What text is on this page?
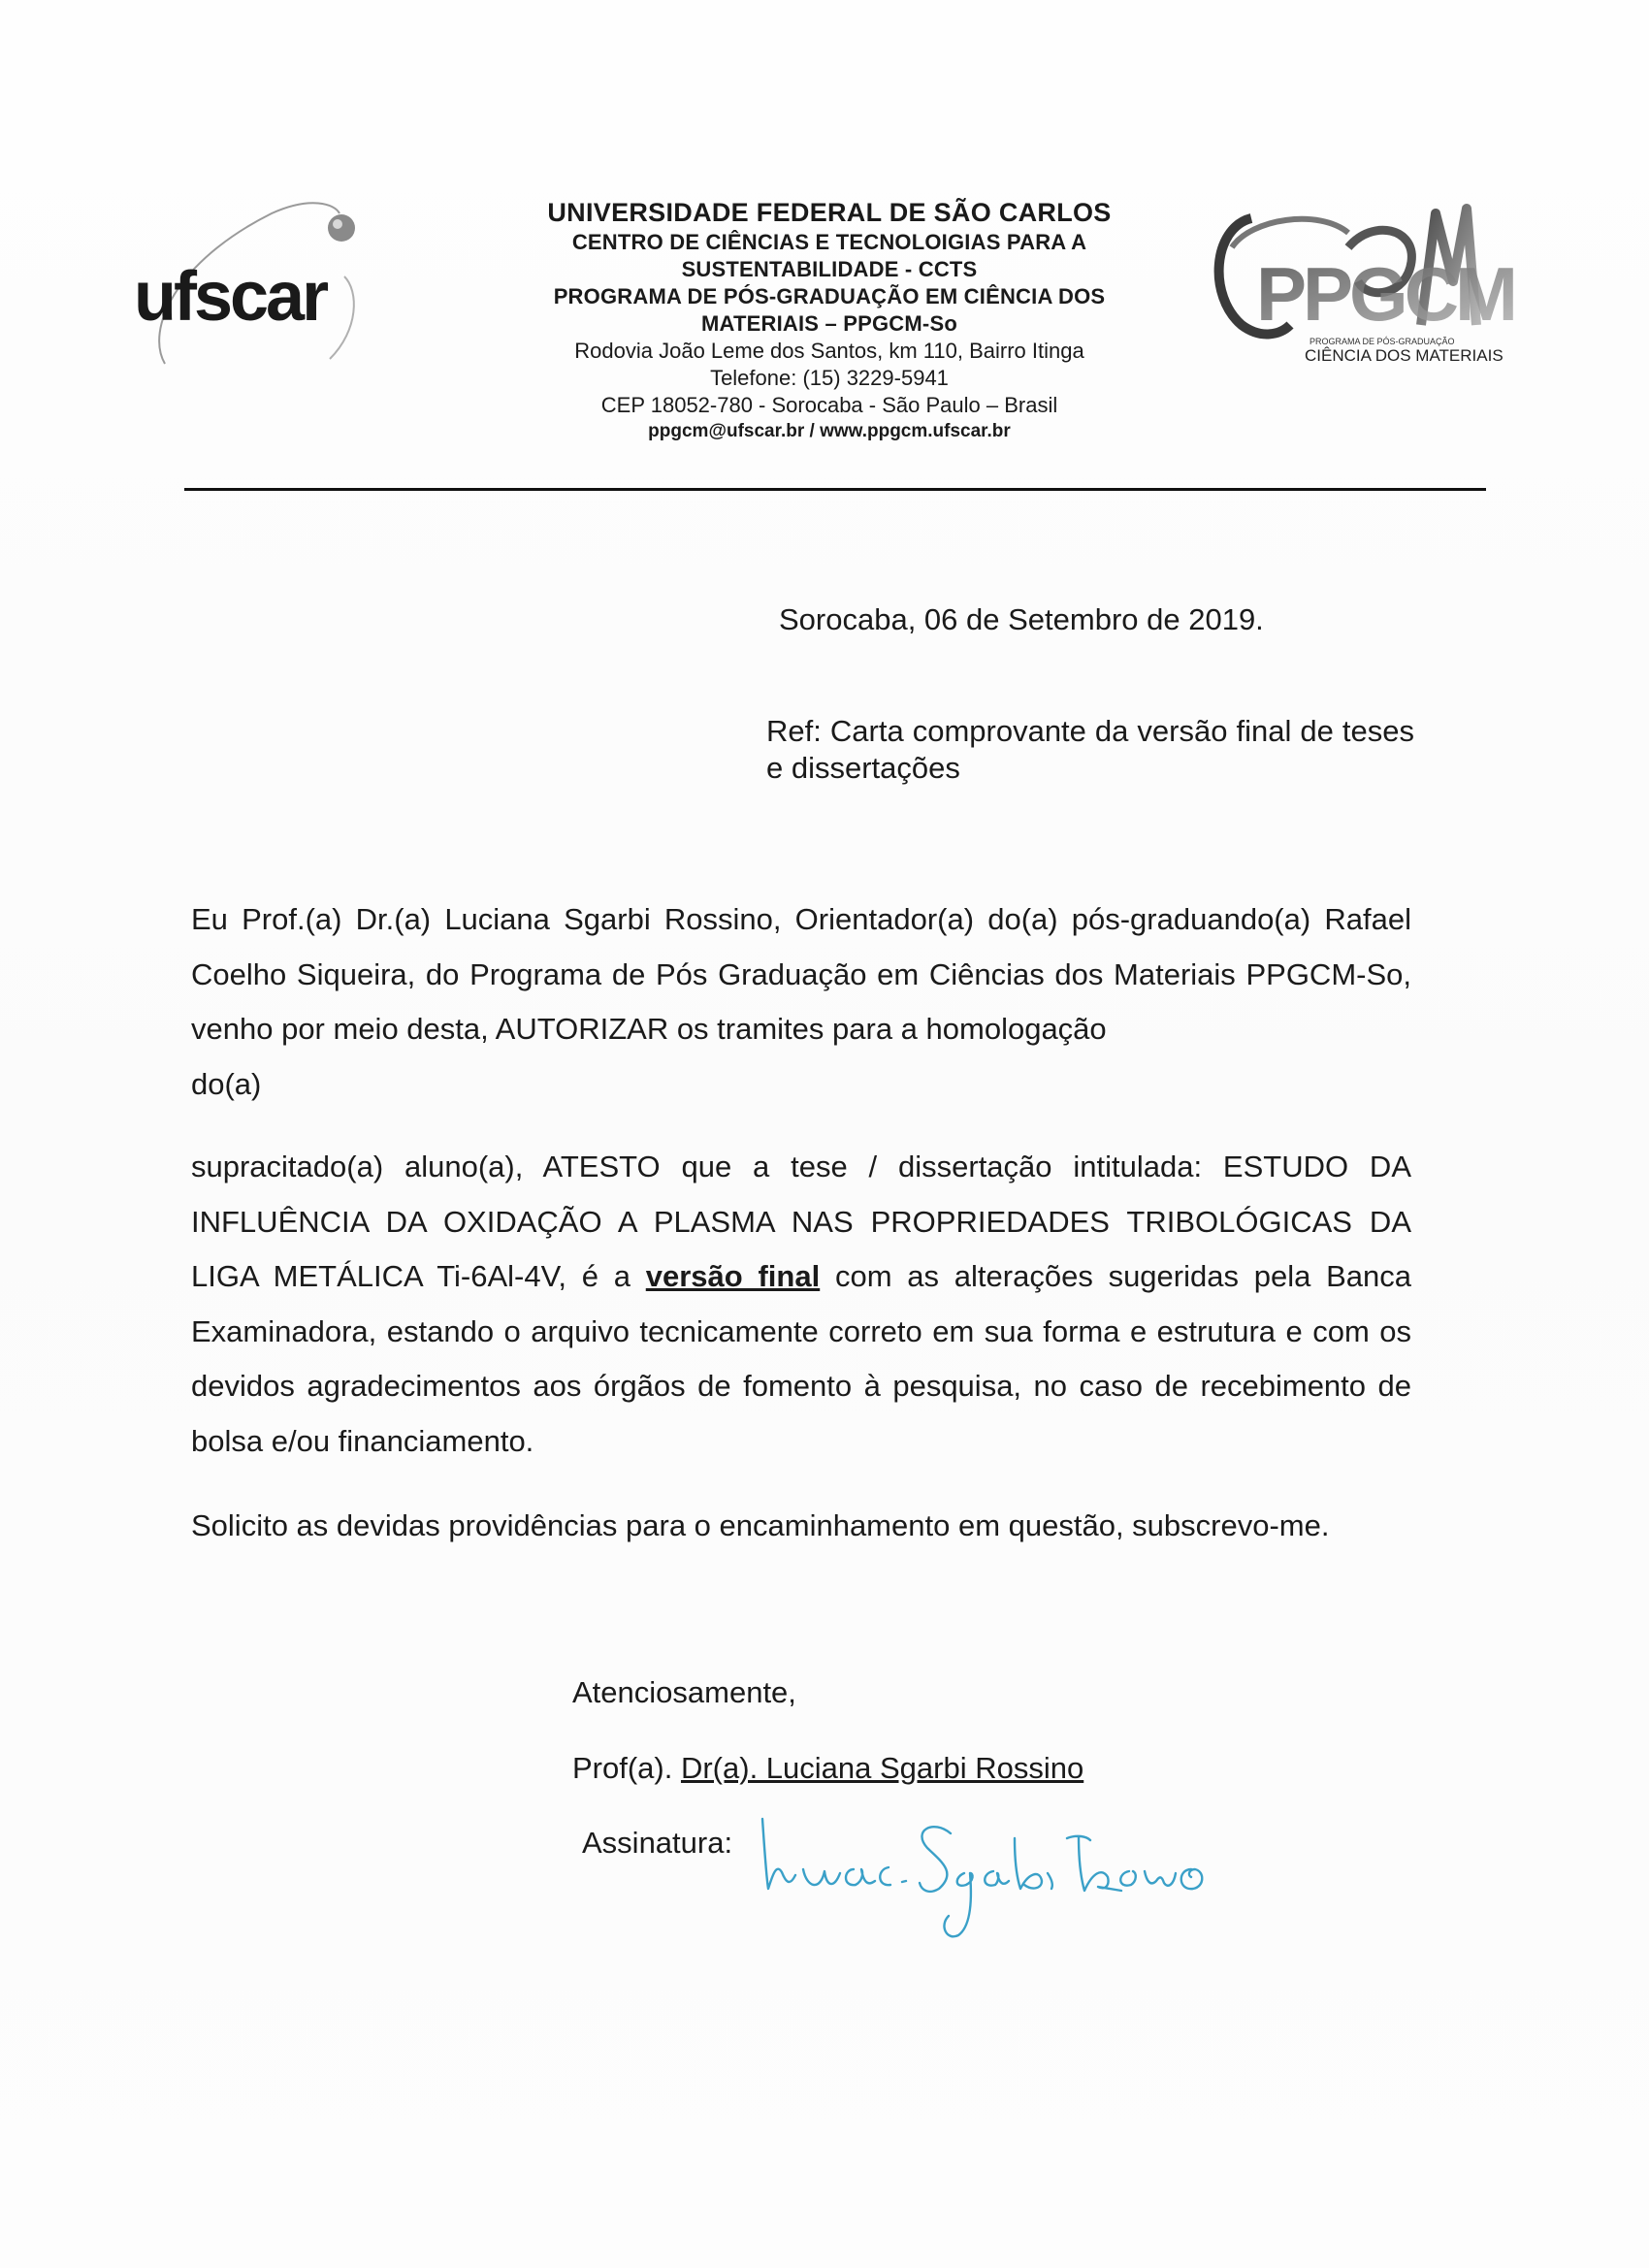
ufscar
UNIVERSIDADE FEDERAL DE SÃO CARLOS
CENTRO DE CIÊNCIAS E TECNOLOIGIAS PARA A
SUSTENTABILIDADE - CCTS
PROGRAMA DE PÓS-GRADUAÇÃO EM CIÊNCIA DOS
MATERIAIS – PPGCM-So
Rodovia João Leme dos Santos, km 110, Bairro Itinga
Telefone: (15) 3229-5941
CEP 18052-780 - Sorocaba - São Paulo – Brasil
ppgcm@ufscar.br / www.ppgcm.ufscar.br
PPGCM
PROGRAMA DE PÓS-GRADUAÇÃO
CIÊNCIA DOS MATERIAIS
Sorocaba, 06 de Setembro de 2019.
Ref: Carta comprovante da versão final de teses e dissertações
Eu Prof.(a) Dr.(a) Luciana Sgarbi Rossino, Orientador(a) do(a) pós-graduando(a) Rafael Coelho Siqueira, do Programa de Pós Graduação em Ciências dos Materiais PPGCM-So, venho por meio desta, AUTORIZAR os tramites para a homologação
do(a)
supracitado(a) aluno(a), ATESTO que a tese / dissertação intitulada: ESTUDO DA INFLUÊNCIA DA OXIDAÇÃO A PLASMA NAS PROPRIEDADES TRIBOLÓGICAS DA LIGA METÁLICA Ti-6Al-4V, é a versão final com as alterações sugeridas pela Banca Examinadora, estando o arquivo tecnicamente correto em sua forma e estrutura e com os devidos agradecimentos aos órgãos de fomento à pesquisa, no caso de recebimento de bolsa e/ou financiamento.
Solicito as devidas providências para o encaminhamento em questão, subscrevo-me.
Atenciosamente,
Prof(a). Dr(a). Luciana Sgarbi Rossino
Assinatura:
